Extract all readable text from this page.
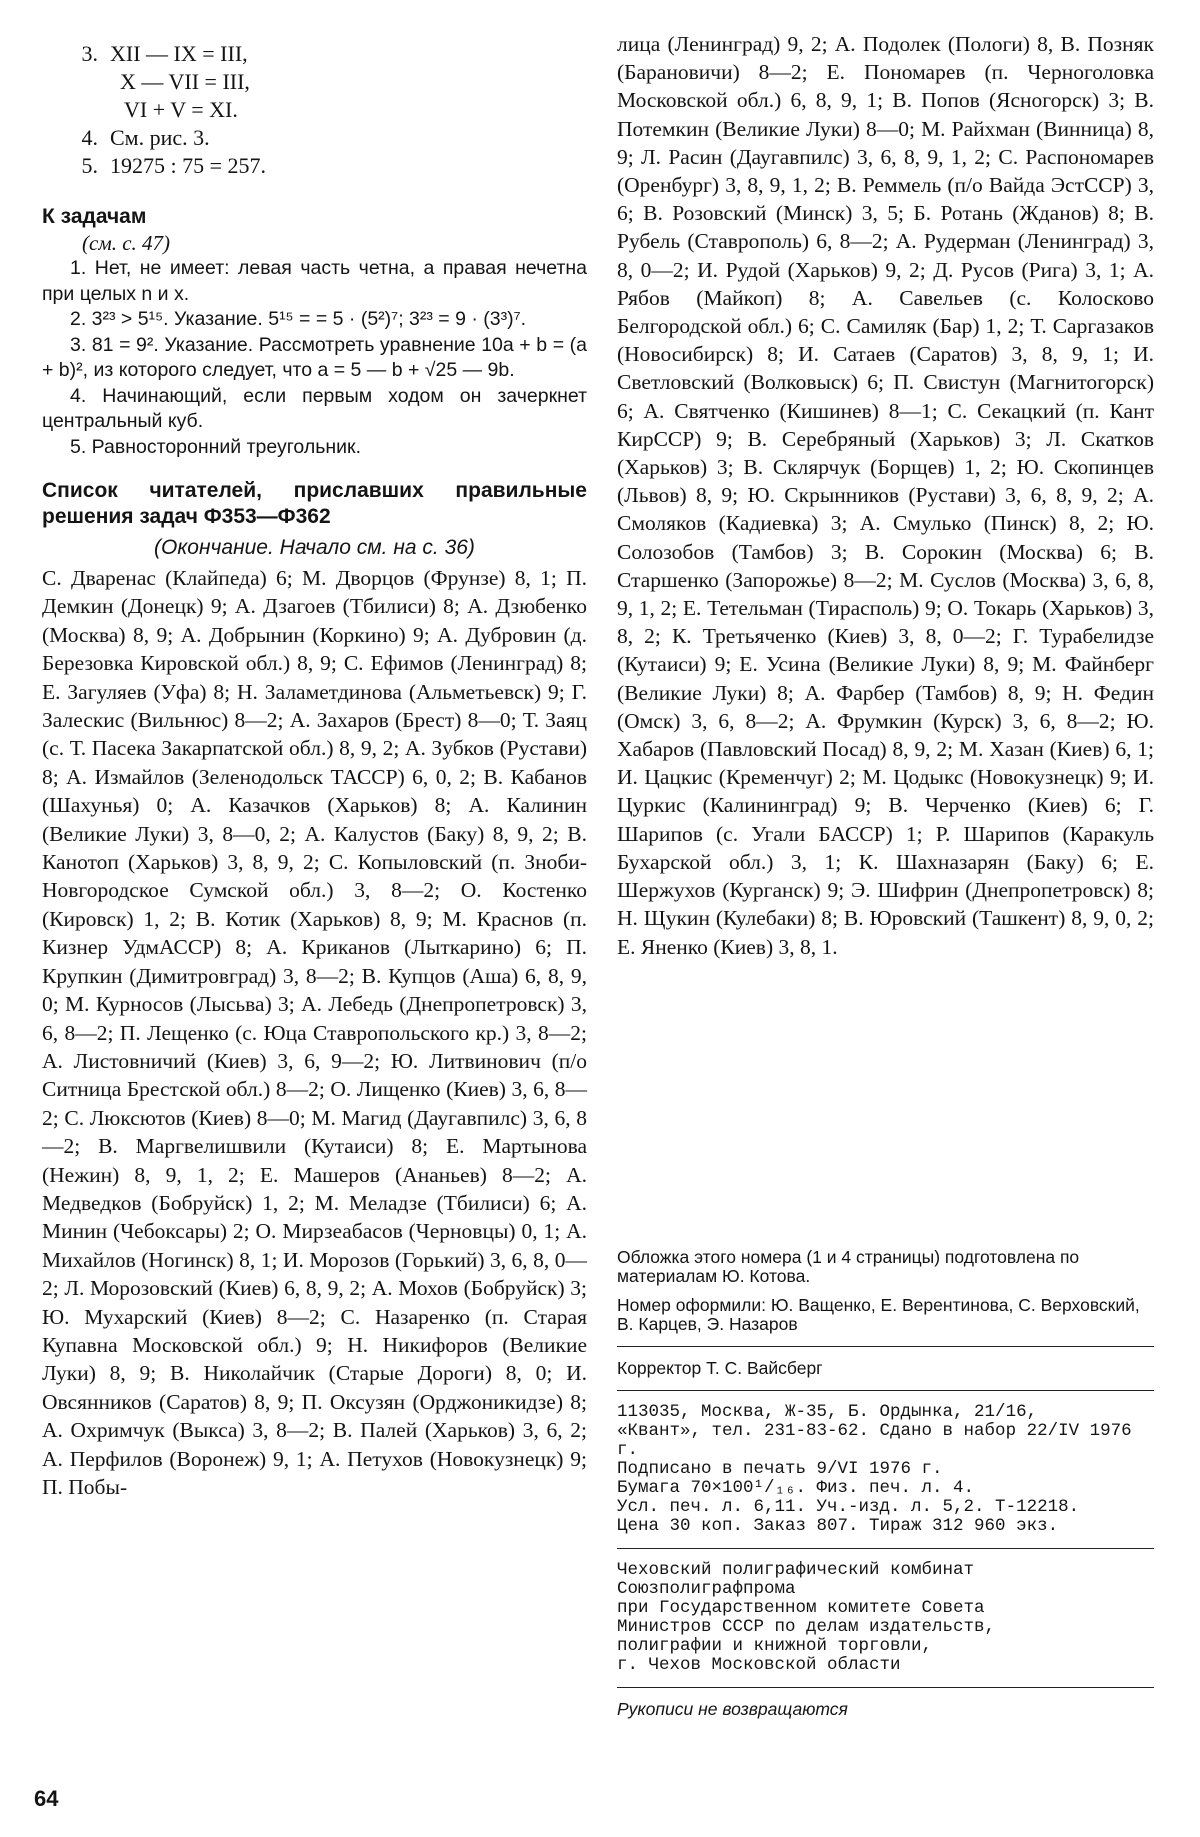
3. XII — IX = III,
X — VII = III,
VI + V = XI.
4. См. рис. 3.
5. 19275 : 75 = 257.
К задачам
(см. с. 47)

1. Нет, не имеет: левая часть четна, а правая нечетна при целых n и x.

2. 3²³ > 5¹⁵. Указание. 5¹⁵ = = 5 · (5²)⁷; 3²³ = 9 · (3³)⁷.

3. 81 = 9². Указание. Рассмотреть уравнение 10a + b = (a + b)², из которого следует, что a = 5 — b + √25 — 9b.

4. Начинающий, если первым ходом он зачеркнет центральный куб.

5. Равносторонний треугольник.

Список читателей, приславших правильные решения задач Ф353—Ф362
(Окончание. Начало см. на с. 36)

С. Дваренас (Клайпеда) 6; М. Дворцов (Фрунзе) 8, 1; П. Демкин (Донецк) 9; А. Дзагоев (Тбилиси) 8; А. Дзюбенко (Москва) 8, 9; А. Добрынин (Коркино) 9; А. Дубровин (д. Березовка Кировской обл.) 8, 9; С. Ефимов (Ленинград) 8; Е. Загуляев (Уфа) 8; Н. Заламетдинова (Альметьевск) 9; Г. Залескис (Вильнюс) 8—2; А. Захаров (Брест) 8—0; Т. Заяц (с. Т. Пасека Закарпатской обл.) 8, 9, 2; А. Зубков (Рустави) 8; А. Измайлов (Зеленодольск ТАССР) 6, 0, 2; В. Кабанов (Шахунья) 0; А. Казачков (Харьков) 8; А. Калинин (Великие Луки) 3, 8—0, 2; А. Калустов (Баку) 8, 9, 2; В. Канотоп (Харьков) 3, 8, 9, 2; С. Копыловский (п. Зноби-Новгородское Сумской обл.) 3, 8—2; О. Костенко (Кировск) 1, 2; В. Котик (Харьков) 8, 9; М. Краснов (п. Кизнер УдмАССР) 8; А. Криканов (Лыткарино) 6; П. Крупкин (Димитровград) 3, 8—2; В. Купцов (Аша) 6, 8, 9, 0; М. Курносов (Лысьва) 3; А. Лебедь (Днепропетровск) 3, 6, 8—2; П. Лещенко (с. Юца Ставропольского кр.) 3, 8—2; А. Листовничий (Киев) 3, 6, 9—2; Ю. Литвинович (п/о Ситница Брестской обл.) 8—2; О. Лищенко (Киев) 3, 6, 8—2; С. Люксютов (Киев) 8—0; М. Магид (Даугавпилс) 3, 6, 8—2; В. Маргвелишвили (Кутаиси) 8; Е. Мартынова (Нежин) 8, 9, 1, 2; Е. Машеров (Ананьев) 8—2; А. Медведков (Бобруйск) 1, 2; М. Меладзе (Тбилиси) 6; А. Минин (Чебоксары) 2; О. Мирзеабасов (Черновцы) 0, 1; А. Михайлов (Ногинск) 8, 1; И. Морозов (Горький) 3, 6, 8, 0—2; Л. Морозовский (Киев) 6, 8, 9, 2; А. Мохов (Бобруйск) 3; Ю. Мухарский (Киев) 8—2; С. Назаренко (п. Старая Купавна Московской обл.) 9; Н. Никифоров (Великие Луки) 8, 9; В. Николайчик (Старые Дороги) 8, 0; И. Овсянников (Саратов) 8, 9; П. Оксузян (Орджоникидзе) 8; А. Охримчук (Выкса) 3, 8—2; В. Палей (Харьков) 3, 6, 2; А. Перфилов (Воронеж) 9, 1; А. Петухов (Новокузнецк) 9; П. Побы-

лица (Ленинград) 9, 2; А. Подолек (Пологи) 8, В. Позняк (Барановичи) 8—2; Е. Пономарев (п. Черноголовка Московской обл.) 6, 8, 9, 1; В. Попов (Ясногорск) 3; В. Потемкин (Великие Луки) 8—0; М. Райхман (Винница) 8, 9; Л. Расин (Даугавпилс) 3, 6, 8, 9, 1, 2; С. Распономарев (Оренбург) 3, 8, 9, 1, 2; В. Реммель (п/о Вайда ЭстССР) 3, 6; В. Розовский (Минск) 3, 5; Б. Ротань (Жданов) 8; В. Рубель (Ставрополь) 6, 8—2; А. Рудерман (Ленинград) 3, 8, 0—2; И. Рудой (Харьков) 9, 2; Д. Русов (Рига) 3, 1; А. Рябов (Майкоп) 8; А. Савельев (с. Колосково Белгородской обл.) 6; С. Самиляк (Бар) 1, 2; Т. Саргазаков (Новосибирск) 8; И. Сатаев (Саратов) 3, 8, 9, 1; И. Светловский (Волковыск) 6; П. Свистун (Магнитогорск) 6; А. Святченко (Кишинев) 8—1; С. Секацкий (п. Кант КирССР) 9; В. Серебряный (Харьков) 3; Л. Скатков (Харьков) 3; В. Склярчук (Борщев) 1, 2; Ю. Скопинцев (Львов) 8, 9; Ю. Скрынников (Рустави) 3, 6, 8, 9, 2; А. Смоляков (Кадиевка) 3; А. Смулько (Пинск) 8, 2; Ю. Солозобов (Тамбов) 3; В. Сорокин (Москва) 6; В. Старшенко (Запорожье) 8—2; М. Суслов (Москва) 3, 6, 8, 9, 1, 2; Е. Тетельман (Тирасполь) 9; О. Токарь (Харьков) 3, 8, 2; К. Третьяченко (Киев) 3, 8, 0—2; Г. Турабелидзе (Кутаиси) 9; Е. Усина (Великие Луки) 8, 9; М. Файнберг (Великие Луки) 8; А. Фарбер (Тамбов) 8, 9; Н. Федин (Омск) 3, 6, 8—2; А. Фрумкин (Курск) 3, 6, 8—2; Ю. Хабаров (Павловский Посад) 8, 9, 2; М. Хазан (Киев) 6, 1; И. Цацкис (Кременчуг) 2; М. Цодыкс (Новокузнецк) 9; И. Цуркис (Калининград) 9; В. Черченко (Киев) 6; Г. Шарипов (с. Угали БАССР) 1; Р. Шарипов (Каракуль Бухарской обл.) 3, 1; К. Шахназарян (Баку) 6; Е. Шержухов (Курганск) 9; Э. Шифрин (Днепропетровск) 8; Н. Щукин (Кулебаки) 8; В. Юровский (Ташкент) 8, 9, 0, 2; Е. Яненко (Киев) 3, 8, 1.

Обложка этого номера (1 и 4 страницы) подготовлена по материалам Ю. Котова.

Номер оформили: Ю. Ващенко, Е. Верентинова, С. Верховский, В. Карцев, Э. Назаров

Корректор Т. С. Вайсберг

113035, Москва, Ж-35, Б. Ордынка, 21/16,

«Квант», тел. 231-83-62. Сдано в набор 22/IV 1976 г.

Подписано в печать 9/VI 1976 г.

Бумага 70×100¹/₁₆. Физ. печ. л. 4.

Усл. печ. л. 6,11. Уч.-изд. л. 5,2. Т-12218.

Цена 30 коп. Заказ 807. Тираж 312 960 экз.

Чеховский полиграфический комбинат

Союзполиграфпрома

при Государственном комитете Совета

Министров СССР по делам издательств,

полиграфии и книжной торговли,

г. Чехов Московской области

Рукописи не возвращаются

64
